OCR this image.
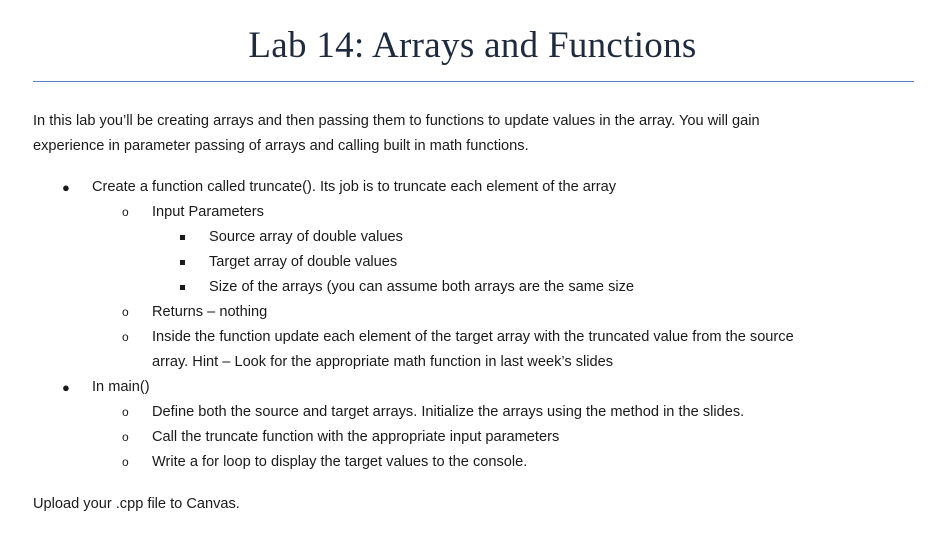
Lab 14: Arrays and Functions
In this lab you’ll be creating arrays and then passing them to functions to update values in the array. You will gain
experience in parameter passing of arrays and calling built in math functions.
● Create a function called truncate(). Its job is to truncate each element of the array
o Input Parameters
Source array of double values
Target array of double values
Size of the arrays (you can assume both arrays are the same size
o Returns – nothing
o Inside the function update each element of the target array with the truncated value from the source
array. Hint – Look for the appropriate math function in last week’s slides
● In main()
o Define both the source and target arrays. Initialize the arrays using the method in the slides.
o Call the truncate function with the appropriate input parameters
o Write a for loop to display the target values to the console.
Upload your .cpp file to Canvas.
